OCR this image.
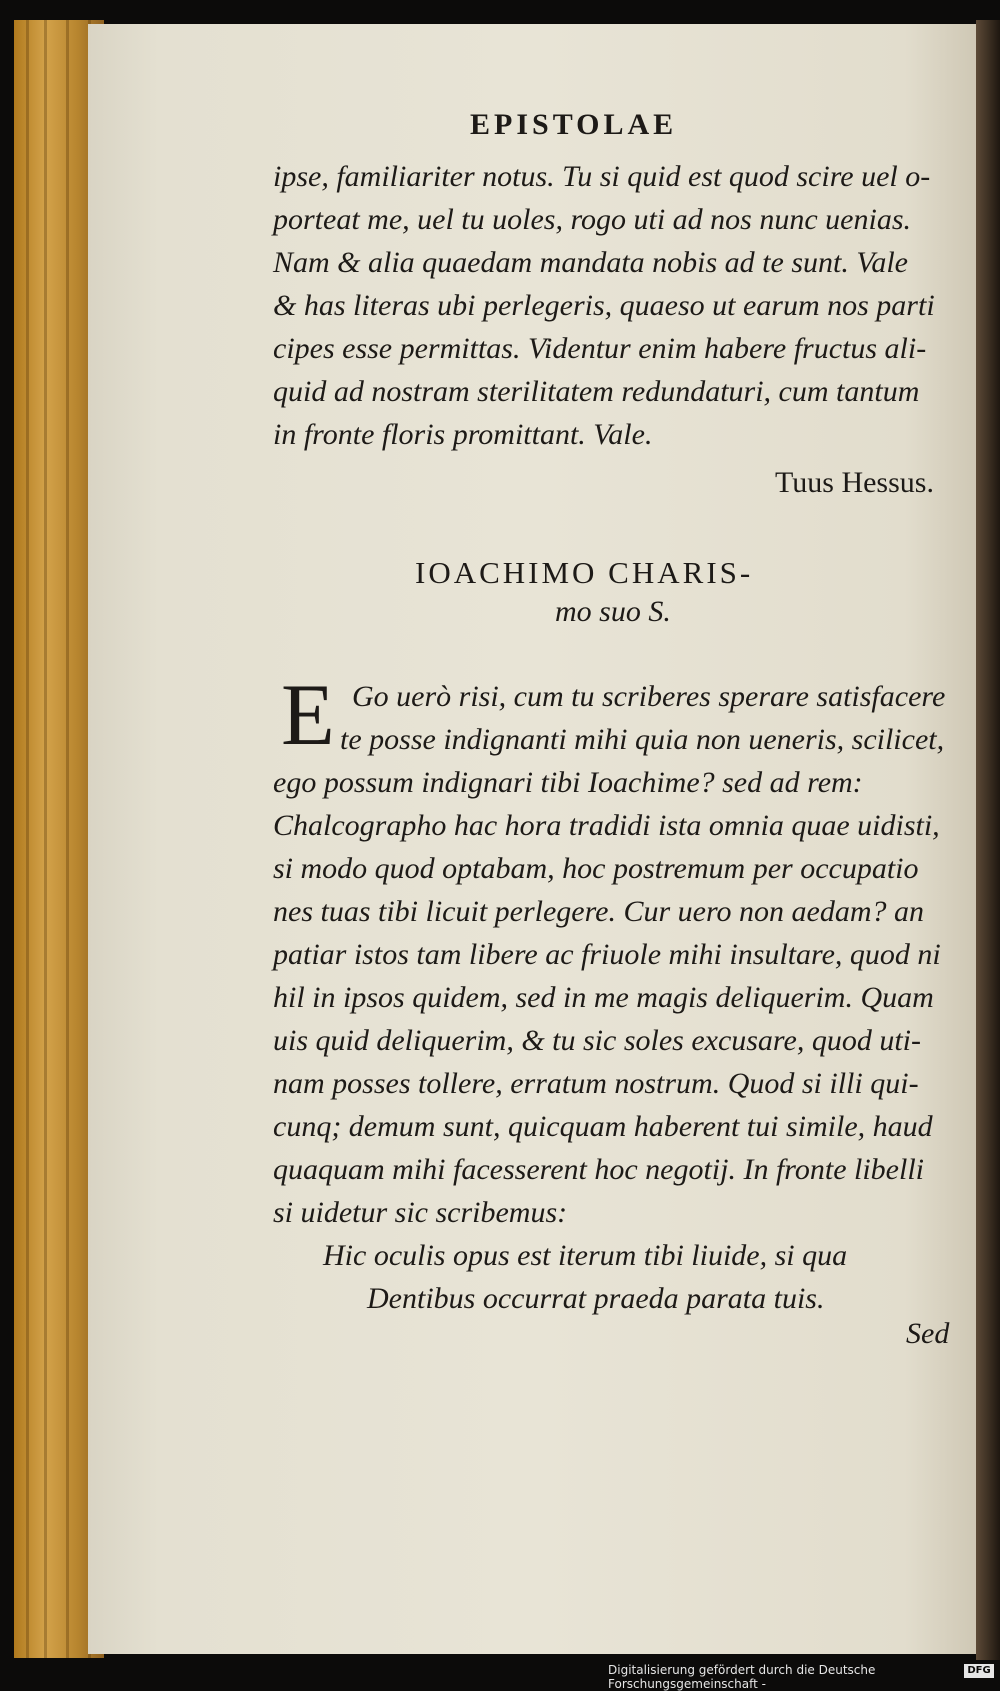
EPISTOLAE
ipse, familiariter notus. Tu si quid est quod scire uel o-
porteat me, uel tu uoles, rogo uti ad nos nunc uenias.
Nam & alia quaedam mandata nobis ad te sunt. Vale
& has literas ubi perlegeris, quaeso ut earum nos parti
cipes esse permittas. Videntur enim habere fructus ali-
quid ad nostram sterilitatem redundaturi, cum tantum
in fronte floris promittant. Vale.
Tuus Hessus.
IOACHIMO CHARIS-
mo suo S.
E Go uerò risi, cum tu scriberes sperare satisfacere
te posse indignanti mihi quia non ueneris, scilicet,
ego possum indignari tibi Ioachime? sed ad rem:
Chalcographo hac hora tradidi ista omnia quae uidisti,
si modo quod optabam, hoc postremum per occupatio
nes tuas tibi licuit perlegere. Cur uero non aedam? an
patiar istos tam libere ac friuole mihi insultare, quod ni
hil in ipsos quidem, sed in me magis deliquerim. Quam
uis quid deliquerim, & tu sic soles excusare, quod uti-
nam posses tollere, erratum nostrum. Quod si illi qui-
cunq; demum sunt, quicquam haberent tui simile, haud
quaquam mihi facesserent hoc negotij. In fronte libelli
si uidetur sic scribemus:
Hic oculis opus est iterum tibi liuide, si qua
Dentibus occurrat praeda parata tuis.
Sed
Digitalisierung gefördert durch die Deutsche Forschungsgemeinschaft -
DFG
